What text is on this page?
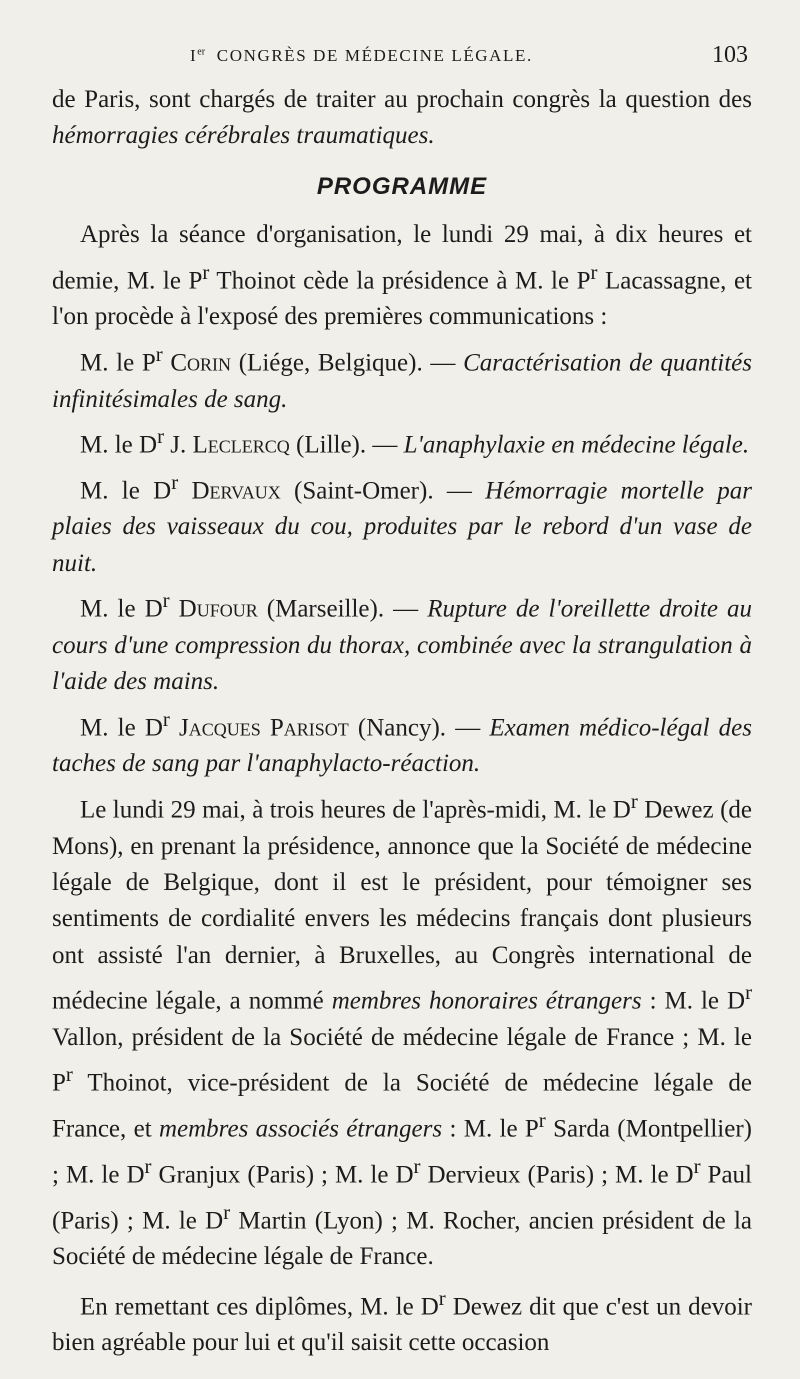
Ier CONGRÈS DE MÉDECINE LÉGALE.	103

de Paris, sont chargés de traiter au prochain congrès la question des hémorragies cérébrales traumatiques.

PROGRAMME

Après la séance d'organisation, le lundi 29 mai, à dix heures et demie, M. le $P^r$ Thoinot cède la présidence à M. le $P^r$ Lacassagne, et l'on procède à l'exposé des premières communications :

M. le $P^r$ Corin (Liége, Belgique). — Caractérisation de quantités infinitésimales de sang.

M. le $D^r$ J. Leclercq (Lille). — L'anaphylaxie en médecine légale.

M. le $D^r$ Dervaux (Saint-Omer). — Hémorragie mortelle par plaies des vaisseaux du cou, produites par le rebord d'un vase de nuit.

M. le $D^r$ Dufour (Marseille). — Rupture de l'oreillette droite au cours d'une compression du thorax, combinée avec la strangulation à l'aide des mains.

M. le $D^r$ Jacques Parisot (Nancy). — Examen médico-légal des taches de sang par l'anaphylacto-réaction.

Le lundi 29 mai, à trois heures de l'après-midi, M. le $D^r$ Dewez (de Mons), en prenant la présidence, annonce que la Société de médecine légale de Belgique, dont il est le président, pour témoigner ses sentiments de cordialité envers les médecins français dont plusieurs ont assisté l'an dernier, à Bruxelles, au Congrès international de médecine légale, a nommé membres honoraires étrangers : M. le $D^r$ Vallon, président de la Société de médecine légale de France ; M. le $P^r$ Thoinot, vice-président de la Société de médecine légale de France, et membres associés étrangers : M. le $P^r$ Sarda (Montpellier) ; M. le $D^r$ Granjux (Paris) ; M. le $D^r$ Dervieux (Paris) ; M. le $D^r$ Paul (Paris) ; M. le $D^r$ Martin (Lyon) ; M. Rocher, ancien président de la Société de médecine légale de France.

En remettant ces diplômes, M. le $D^r$ Dewez dit que c'est un devoir bien agréable pour lui et qu'il saisit cette occasion
